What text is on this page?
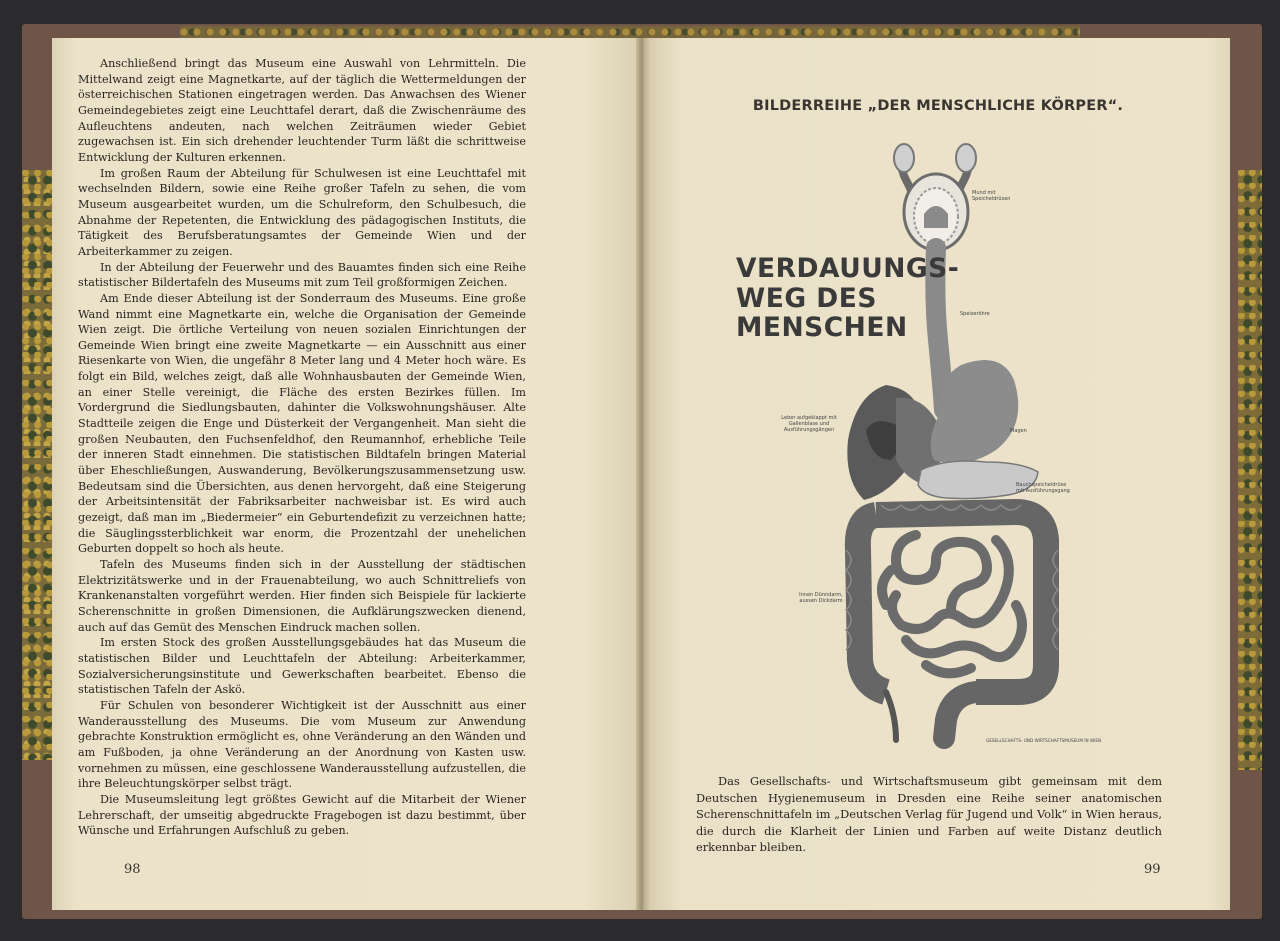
Anschließend bringt das Museum eine Auswahl von Lehrmitteln. Die Mittelwand zeigt eine Magnetkarte, auf der täglich die Wettermeldungen der österreichischen Stationen eingetragen werden. Das Anwachsen des Wiener Gemeindegebietes zeigt eine Leuchttafel derart, daß die Zwischenräume des Aufleuchtens andeuten, nach welchen Zeiträumen wieder Gebiet zugewachsen ist. Ein sich drehender leuchtender Turm läßt die schrittweise Entwicklung der Kulturen erkennen.

Im großen Raum der Abteilung für Schulwesen ist eine Leuchttafel mit wechselnden Bildern, sowie eine Reihe großer Tafeln zu sehen, die vom Museum ausgearbeitet wurden, um die Schulreform, den Schulbesuch, die Abnahme der Repetenten, die Entwicklung des pädagogischen Instituts, die Tätigkeit des Berufsberatungsamtes der Gemeinde Wien und der Arbeiterkammer zu zeigen.

In der Abteilung der Feuerwehr und des Bauamtes finden sich eine Reihe statistischer Bildertafeln des Museums mit zum Teil großformigen Zeichen.

Am Ende dieser Abteilung ist der Sonderraum des Museums. Eine große Wand nimmt eine Magnetkarte ein, welche die Organisation der Gemeinde Wien zeigt. Die örtliche Verteilung von neuen sozialen Einrichtungen der Gemeinde Wien bringt eine zweite Magnetkarte — ein Ausschnitt aus einer Riesenkarte von Wien, die ungefähr 8 Meter lang und 4 Meter hoch wäre. Es folgt ein Bild, welches zeigt, daß alle Wohnhausbauten der Gemeinde Wien, an einer Stelle vereinigt, die Fläche des ersten Bezirkes füllen. Im Vordergrund die Siedlungsbauten, dahinter die Volkswohnungshäuser. Alte Stadtteile zeigen die Enge und Düsterkeit der Vergangenheit. Man sieht die großen Neubauten, den Fuchsenfeldhof, den Reumannhof, erhebliche Teile der inneren Stadt einnehmen. Die statistischen Bildtafeln bringen Material über Eheschließungen, Auswanderung, Bevölkerungszusammensetzung usw. Bedeutsam sind die Übersichten, aus denen hervorgeht, daß eine Steigerung der Arbeitsintensität der Fabriksarbeiter nachweisbar ist. Es wird auch gezeigt, daß man im „Biedermeier“ ein Geburtendefizit zu verzeichnen hatte; die Säuglingssterblichkeit war enorm, die Prozentzahl der unehelichen Geburten doppelt so hoch als heute.

Tafeln des Museums finden sich in der Ausstellung der städtischen Elektrizitätswerke und in der Frauenabteilung, wo auch Schnittreliefs von Krankenanstalten vorgeführt werden. Hier finden sich Beispiele für lackierte Scherenschnitte in großen Dimensionen, die Aufklärungszwecken dienend, auch auf das Gemüt des Menschen Eindruck machen sollen.

Im ersten Stock des großen Ausstellungsgebäudes hat das Museum die statistischen Bilder und Leuchttafeln der Abteilung: Arbeiterkammer, Sozialversicherungsinstitute und Gewerkschaften bearbeitet. Ebenso die statistischen Tafeln der Askö.

Für Schulen von besonderer Wichtigkeit ist der Ausschnitt aus einer Wanderausstellung des Museums. Die vom Museum zur Anwendung gebrachte Konstruktion ermöglicht es, ohne Veränderung an den Wänden und am Fußboden, ja ohne Veränderung an der Anordnung von Kasten usw. vornehmen zu müssen, eine geschlossene Wanderausstellung aufzustellen, die ihre Beleuchtungskörper selbst trägt.

Die Museumsleitung legt größtes Gewicht auf die Mitarbeit der Wiener Lehrerschaft, der umseitig abgedruckte Fragebogen ist dazu bestimmt, über Wünsche und Erfahrungen Aufschluß zu geben.

98
BILDERREIHE „DER MENSCHLICHE KÖRPER“.
VERDAUUNGS-
WEG DES
MENSCHEN
Mund mit Speicheldrüsen
Speiseröhre
Leber aufgeklappt mit Gallenblase und Ausführungsgängen	Magen
Bauchspeicheldrüse mit Ausführungsgang
Innen Dünndarm, aussen Dickdarm
GESELLSCHAFTS- UND WIRTSCHAFTSMUSEUM IN WIEN

Das Gesellschafts- und Wirtschaftsmuseum gibt gemeinsam mit dem Deutschen Hygienemuseum in Dresden eine Reihe seiner anatomischen Scherenschnittafeln im „Deutschen Verlag für Jugend und Volk“ in Wien heraus, die durch die Klarheit der Linien und Farben auf weite Distanz deutlich erkennbar bleiben.

99
